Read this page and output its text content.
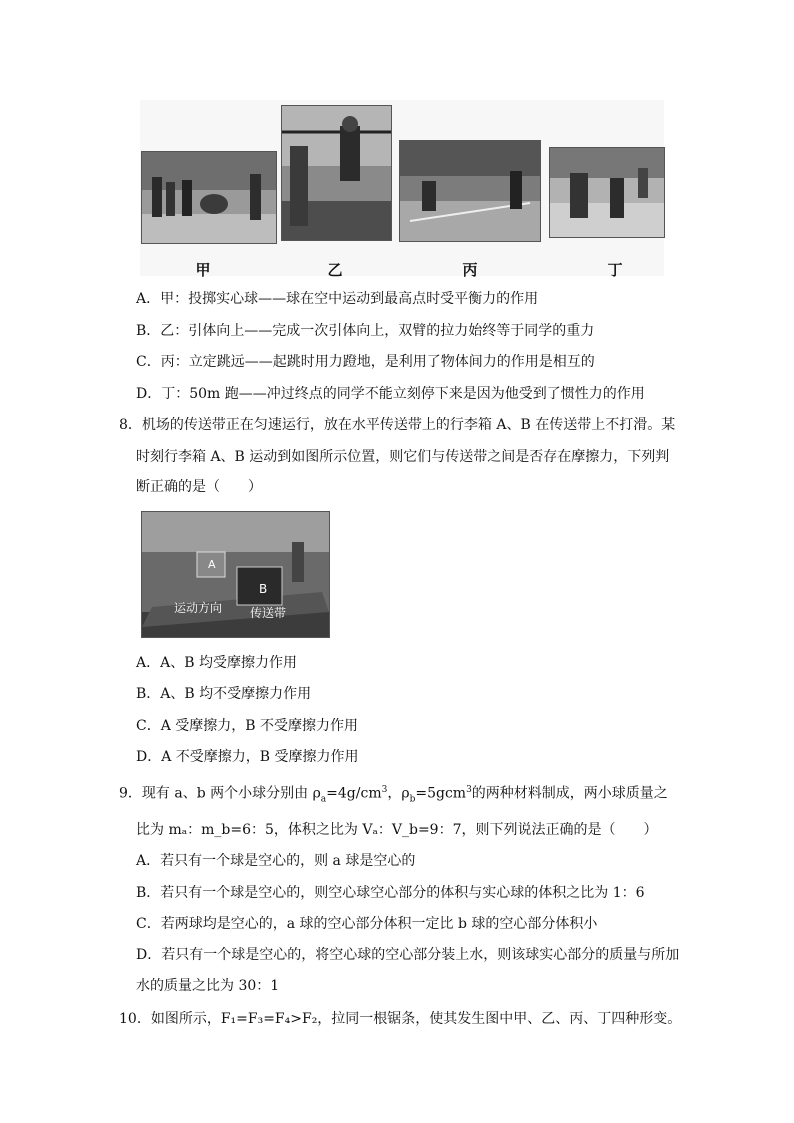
甲	乙	丙	丁
A．甲：投掷实心球——球在空中运动到最高点时受平衡力的作用
B．乙：引体向上——完成一次引体向上，双臂的拉力始终等于同学的重力
C．丙：立定跳远——起跳时用力蹬地，是利用了物体间力的作用是相互的
D．丁：50m 跑——冲过终点的同学不能立刻停下来是因为他受到了惯性力的作用
8．机场的传送带正在匀速运行，放在水平传送带上的行李箱 A、B 在传送带上不打滑。某
时刻行李箱 A、B 运动到如图所示位置，则它们与传送带之间是否存在摩擦力，下列判
断正确的是（　　）
A
B
运动方向 传送带
A．A、B 均受摩擦力作用
B．A、B 均不受摩擦力作用
C．A 受摩擦力，B 不受摩擦力作用
D．A 不受摩擦力，B 受摩擦力作用
9．现有 a、b 两个小球分别由 $\rho_a=4g/cm^3$，$\rho_b=5gcm^3$的两种材料制成，两小球质量之
比为 mₐ：m_b=6：5，体积之比为 Vₐ：V_b=9：7，则下列说法正确的是（　　）
A．若只有一个球是空心的，则 a 球是空心的
B．若只有一个球是空心的，则空心球空心部分的体积与实心球的体积之比为 1：6
C．若两球均是空心的，a 球的空心部分体积一定比 b 球的空心部分体积小
D．若只有一个球是空心的，将空心球的空心部分装上水，则该球实心部分的质量与所加
水的质量之比为 30：1
10．如图所示，F₁=F₃=F₄>F₂，拉同一根锯条，使其发生图中甲、乙、丙、丁四种形变。
